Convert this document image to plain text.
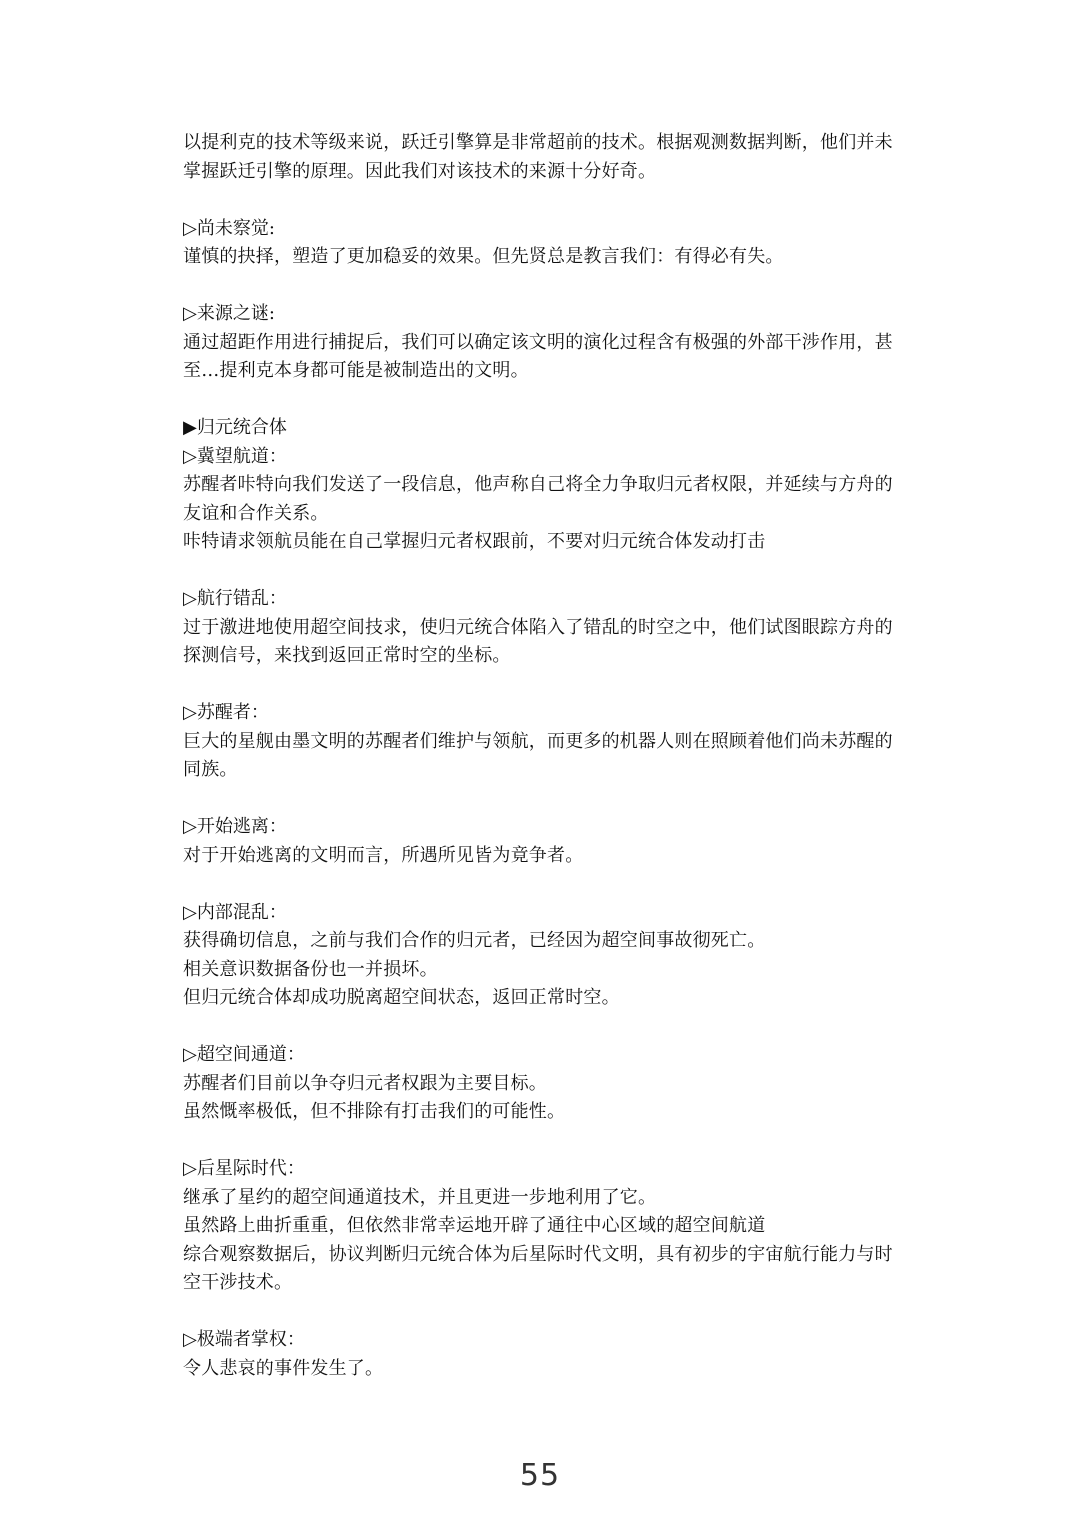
以提利克的技术等级来说，跃迁引擎算是非常超前的技术。根据观测数据判断，他们并未
掌握跃迁引擎的原理。因此我们对该技术的来源十分好奇。
▷尚未察觉:
谨慎的抉择，塑造了更加稳妥的效果。但先贤总是教言我们：有得必有失。
▷来源之谜:
通过超距作用进行捕捉后，我们可以确定该文明的演化过程含有极强的外部干涉作用，甚
至…提利克本身都可能是被制造出的文明。
▶归元统合体
▷冀望航道：
苏醒者咔特向我们发送了一段信息，他声称自己将全力争取归元者权限，并延续与方舟的
友谊和合作关系。
咔特请求领航员能在自己掌握归元者权跟前，不要对归元统合体发动打击
▷航行错乱：
过于激进地使用超空间技求，使归元统合体陷入了错乱的时空之中，他们试图眼踪方舟的
探测信号，来找到返回正常时空的坐标。
▷苏醒者：
巨大的星舰由墨文明的苏醒者们维护与领航，而更多的机器人则在照顾着他们尚未苏醒的
同族。
▷开始逃离：
对于开始逃离的文明而言，所遇所见皆为竟争者。
▷内部混乱：
获得确切信息，之前与我们合作的归元者，已经因为超空间事故彻死亡。
相关意识数据备份也一并损坏。
但归元统合体却成功脱离超空间状态，返回正常时空。
▷超空间通道：
苏醒者们目前以争夺归元者权跟为主要目标。
虽然慨率极低，但不排除有打击我们的可能性。
▷后星际时代：
继承了星约的超空间通道技术，并且更进一步地利用了它。
虽然路上曲折重重，但依然非常幸运地开辟了通往中心区域的超空间航道
综合观察数据后，协议判断归元统合体为后星际时代文明，具有初步的宇宙航行能力与时
空干涉技术。
▷极端者掌权：
令人悲哀的事件发生了。
55
